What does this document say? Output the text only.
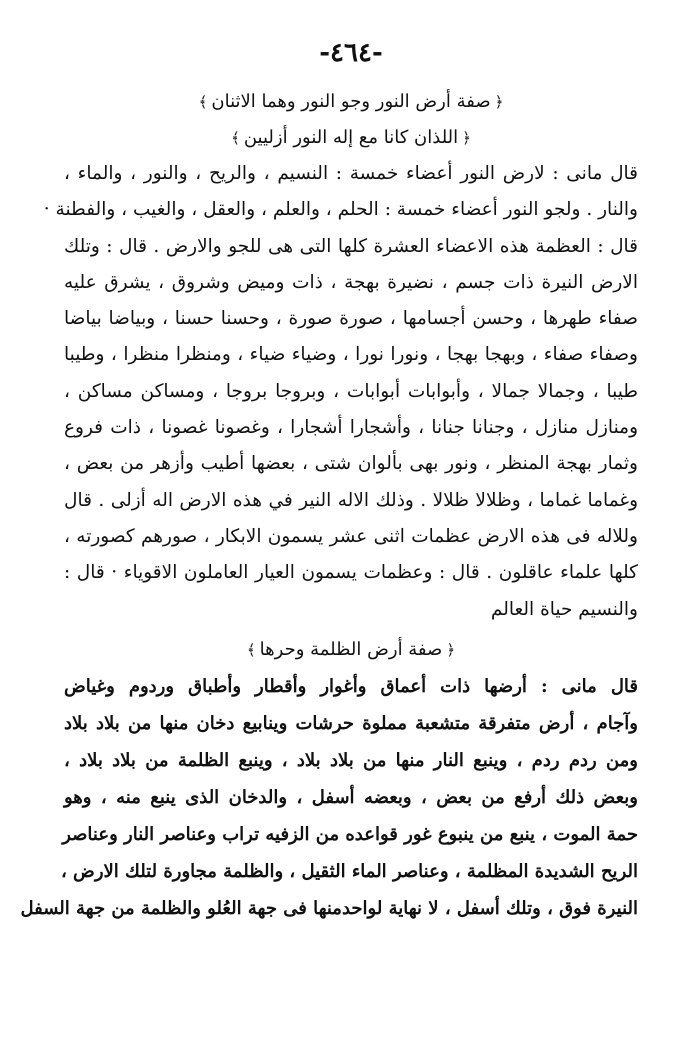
-٤٦٤-
﴿صفة أرض النور وجو النور وهما الاثنان﴾
﴿اللذان كانا مع إله النور أزليين﴾
قال مانی : لارض النور أعضاء خمسة : النسيم ، والريح ، والنور ، والماء ،
والنار . ولجو النور أعضاء خمسة : الحلم ، والعلم ، والعقل ، والغيب ، والفطنة ·
قال : العظمة هذه الاعضاء العشرة كلها التى هى للجو والارض . قال : وتلك
الارض النيرة ذات جسم ، نضيرة بهجة ، ذات وميض وشروق ، يشرق عليه
صفاء طهرها ، وحسن أجسامها ، صورة صورة ، وحسنا حسنا ، وبياضا بياضا
وصفاء صفاء ، وبهجا بهجا ، ونورا نورا ، وضياء ضياء ، ومنظرا منظرا ، وطيبا
طيبا ، وجمالا جمالا ، وأبوابات أبوابات ، وبروجا بروجا ، ومساكن مساكن ،
ومنازل منازل ، وجنانا جنانا ، وأشجارا أشجارا ، وغصونا غصونا ، ذات فروع
وثمار بهجة المنظر ، ونور بهى بألوان شتى ، بعضها أطيب وأزهر من بعض ،
وغماما غماما ، وظلالا ظلالا . وذلك الاله النير في هذه الارض اله أزلى . قال
وللاله فى هذه الارض عظمات اثنى عشر يسمون الابكار ، صورهم كصورته ،
كلها علماء عاقلون . قال : وعظمات يسمون العيار العاملون الاقوياء · قال :
والنسيم حياة العالم
﴿صفة أرض الظلمة وحرها﴾
قال مانى : أرضها ذات أعماق وأغوار وأقطار وأطباق وردوم وغياض
وآجام ، أرض متفرقة متشعبة مملوة حرشات وينابيع دخان منها من بلاد بلاد
ومن ردم ردم ، وينبع النار منها من بلاد بلاد ، وينبع الظلمة من بلاد بلاد ،
وبعض ذلك أرفع من بعض ، وبعضه أسفل ، والدخان الذى ينبع منه ، وهو
حمة الموت ، ينبع من ينبوع غور قواعده من الزفيه تراب وعناصر النار وعناصر
الريح الشديدة المظلمة ، وعناصر الماء الثقيل ، والظلمة مجاورة لتلك الارض ،
النيرة فوق ، وتلك أسفل ، لا نهاية لواحدمنها فى جهة العُلو والظلمة من جهة السفل
